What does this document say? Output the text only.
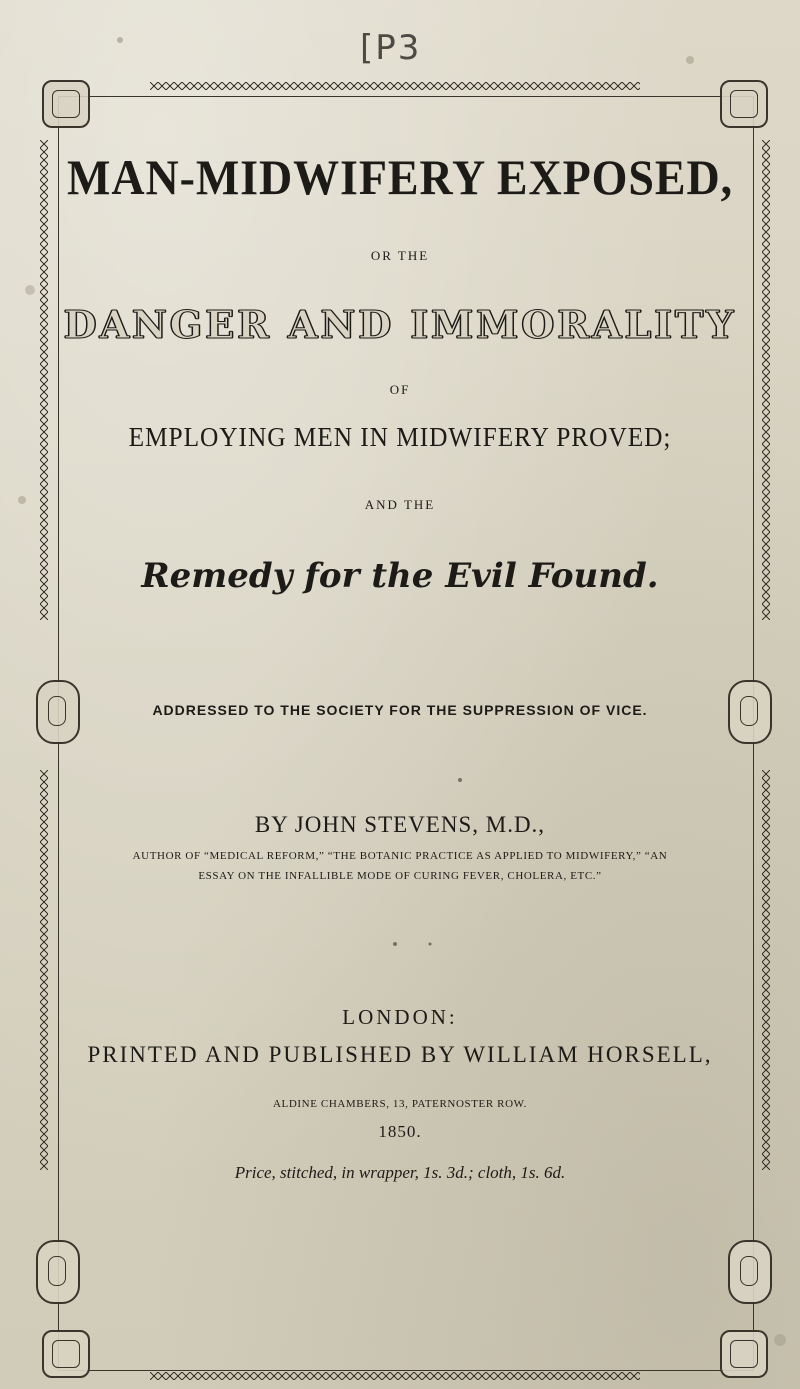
[P3
MAN-MIDWIFERY EXPOSED,
OR THE
DANGER AND IMMORALITY
OF
EMPLOYING MEN IN MIDWIFERY PROVED;
AND THE
Remedy for the Evil Found.
ADDRESSED TO THE SOCIETY FOR THE SUPPRESSION OF VICE.
BY JOHN STEVENS, M.D.,
AUTHOR OF “MEDICAL REFORM,” “THE BOTANIC PRACTICE AS APPLIED TO MIDWIFERY,” “AN
ESSAY ON THE INFALLIBLE MODE OF CURING FEVER, CHOLERA, ETC.”
LONDON:
PRINTED AND PUBLISHED BY WILLIAM HORSELL,
ALDINE CHAMBERS, 13, PATERNOSTER ROW.
1850.
Price, stitched, in wrapper, 1s. 3d.; cloth, 1s. 6d.
